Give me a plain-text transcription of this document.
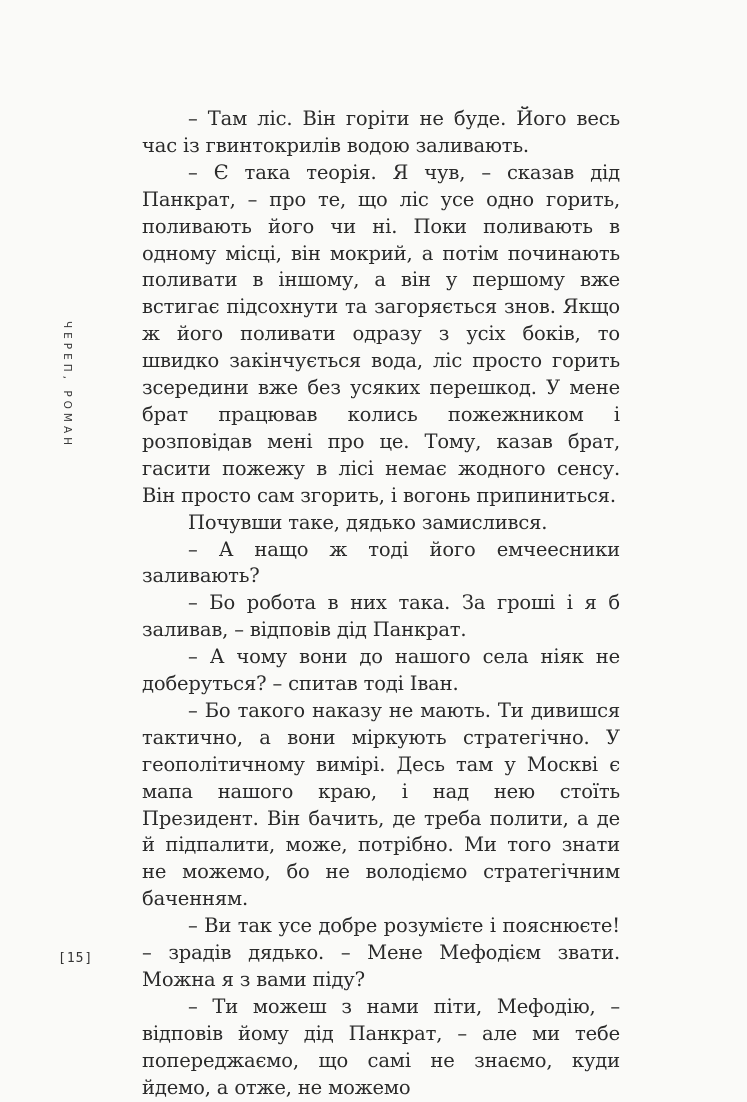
ЧЕРЕП, РОМАН

– Там ліс. Він горіти не буде. Його весь час із гвинтокрилів водою заливають.

– Є така теорія. Я чув, – сказав дід Панкрат, – про те, що ліс усе одно горить, поливають його чи ні. Поки поливають в одному місці, він мокрий, а потім починають поливати в іншому, а він у першому вже встигає підсохнути та загоряється знов. Якщо ж його поливати одразу з усіх боків, то швидко закінчується вода, ліс просто горить зсередини вже без усяких перешкод. У мене брат працював колись пожежником і розповідав мені про це. Тому, казав брат, гасити пожежу в лісі немає жодного сенсу. Він просто сам згорить, і вогонь припиниться.

Почувши таке, дядько замислився.

– А нащо ж тоді його емчеесники заливають?

– Бо робота в них така. За гроші і я б заливав, – відповів дід Панкрат.

– А чому вони до нашого села ніяк не доберуться? – спитав тоді Іван.

– Бо такого наказу не мають. Ти дивишся тактично, а вони міркують стратегічно. У геополітичному вимірі. Десь там у Москві є мапа нашого краю, і над нею стоїть Президент. Він бачить, де треба полити, а де й підпалити, може, потрібно. Ми того знати не можемо, бо не володіємо стратегічним баченням.

– Ви так усе добре розумієте і пояснюєте! – зрадів дядько. – Мене Мефодієм звати. Можна я з вами піду?

– Ти можеш з нами піти, Мефодію, – відповів йому дід Панкрат, – але ми тебе попереджаємо, що самі не знаємо, куди йдемо, а отже, не можемо

[15]
